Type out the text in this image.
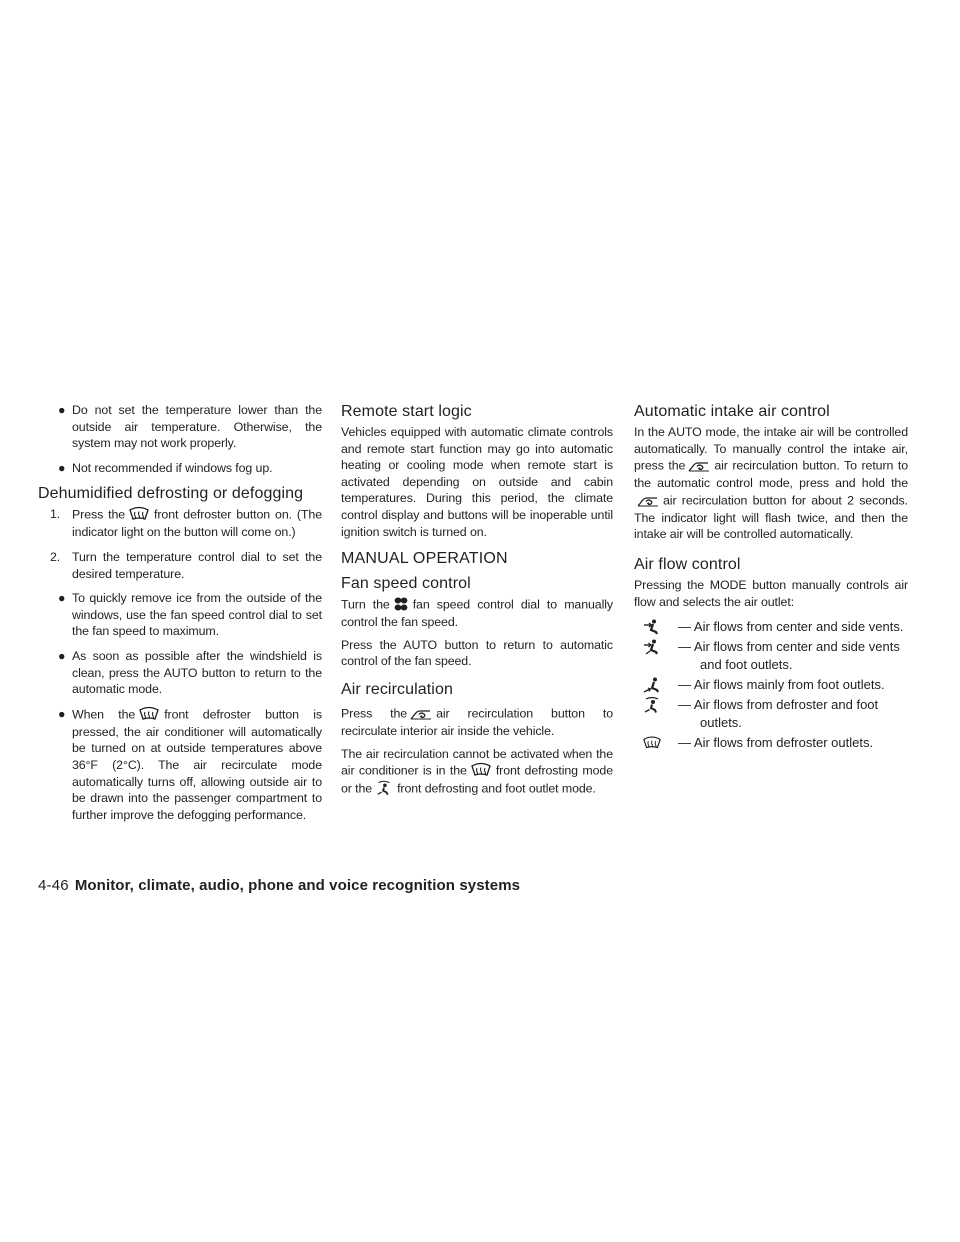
● Do not set the temperature lower than the outside air temperature. Otherwise, the system may not work properly.
● Not recommended if windows fog up.
Dehumidified defrosting or defogging
1. Press the front defroster button on. (The indicator light on the button will come on.)
2. Turn the temperature control dial to set the desired temperature.
● To quickly remove ice from the outside of the windows, use the fan speed control dial to set the fan speed to maximum.
● As soon as possible after the windshield is clean, press the AUTO button to return to the automatic mode.
● When the front defroster button is pressed, the air conditioner will automatically be turned on at outside temperatures above 36°F (2°C). The air recirculate mode automatically turns off, allowing outside air to be drawn into the passenger compartment to further improve the defogging performance.
Remote start logic

Vehicles equipped with automatic climate controls and remote start function may go into automatic heating or cooling mode when remote start is activated depending on outside and cabin temperatures. During this period, the climate control display and buttons will be inoperable until ignition switch is turned on.

MANUAL OPERATION
Fan speed control

Turn the fan speed control dial to manually control the fan speed.

Press the AUTO button to return to automatic control of the fan speed.

Air recirculation

Press the air recirculation button to recirculate interior air inside the vehicle.

The air recirculation cannot be activated when the air conditioner is in the front defrosting mode or the front defrosting and foot outlet mode.

Automatic intake air control

In the AUTO mode, the intake air will be controlled automatically. To manually control the intake air, press the air recirculation button. To return to the automatic control mode, press and hold the
air recirculation button for about 2 seconds. The indicator light will flash twice, and then the intake air will be controlled automatically.

Air flow control

Pressing the MODE button manually controls air flow and selects the air outlet:

— Air flows from center and side vents.
— Air flows from center and side vents and foot outlets.
— Air flows mainly from foot outlets.
— Air flows from defroster and foot outlets.
— Air flows from defroster outlets.
4-46 Monitor, climate, audio, phone and voice recognition systems
